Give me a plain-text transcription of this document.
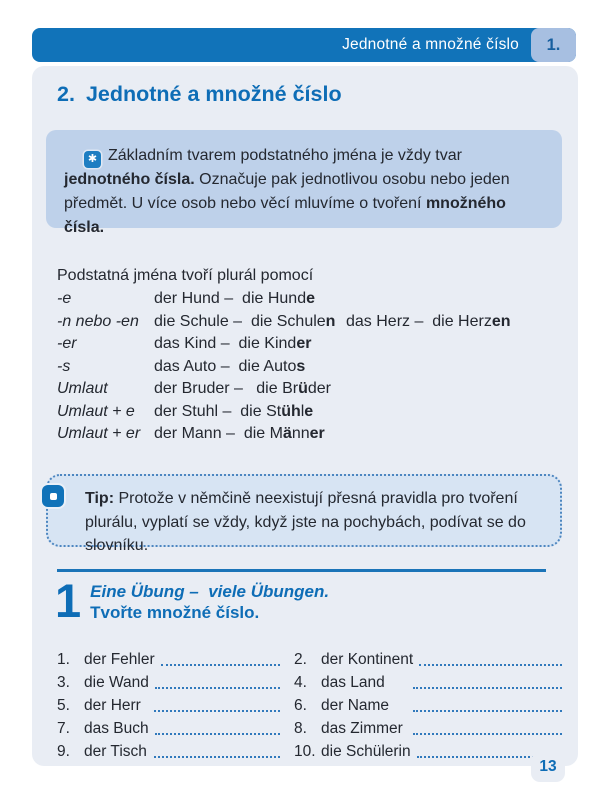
Jednotné a množné číslo	1.
2. Jednotné a množné číslo
✱ Základním tvarem podstatného jména je vždy tvar jednotného čísla. Označuje pak jednotlivou osobu nebo jeden předmět. U více osob nebo věcí mluvíme o tvoření množného čísla.
Podstatná jména tvoří plurál pomocí
-e	der Hund –  die Hunde
-n nebo -en die Schule –  die Schulen das Herz –  die Herzen
-er	das Kind –  die Kinder
-s	das Auto –  die Autos
Umlaut	der Bruder –   die Brüder
Umlaut + e	der Stuhl –  die Stühle
Umlaut + er der Mann –  die Männer
Tip: Protože v němčině neexistují přesná pravidla pro tvoření plurálu, vyplatí se vždy, když jste na pochybách, podívat se do slovníku.
1 Eine Übung –  viele Übungen.
Tvořte množné číslo.
1. der Fehler	2. der Kontinent
3. die Wand	4. das Land
5. der Herr	6. der Name
7. das Buch	8. das Zimmer
9. der Tisch	10. die Schülerin
13
